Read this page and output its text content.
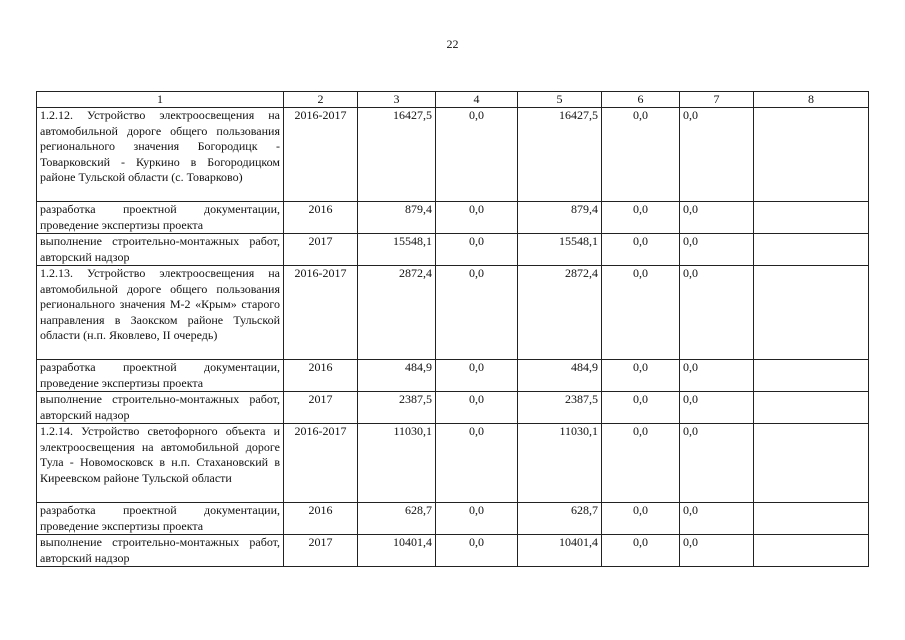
22
1	2	3	4	5	6	7	8
1.2.12. Устройство электроосвещения на автомобильной дороге общего пользования регионального значения Богородицк - Товарковский - Куркино в Богородицком районе Тульской области (с. Товарково)	2016-2017	16427,5	0,0	16427,5	0,0	0,0	
разработка проектной документации, проведение экспертизы проекта	2016	879,4	0,0	879,4	0,0	0,0	
выполнение строительно-монтажных работ, авторский надзор	2017	15548,1	0,0	15548,1	0,0	0,0	
1.2.13. Устройство электроосвещения на автомобильной дороге общего пользования регионального значения М-2 «Крым» старого направления в Заокском районе Тульской области (н.п. Яковлево, II очередь)	2016-2017	2872,4	0,0	2872,4	0,0	0,0	
разработка проектной документации, проведение экспертизы проекта	2016	484,9	0,0	484,9	0,0	0,0	
выполнение строительно-монтажных работ, авторский надзор	2017	2387,5	0,0	2387,5	0,0	0,0	
1.2.14. Устройство светофорного объекта и электроосвещения на автомобильной дороге Тула - Новомосковск в н.п. Стахановский в Киреевском районе Тульской области	2016-2017	11030,1	0,0	11030,1	0,0	0,0	
разработка проектной документации, проведение экспертизы проекта	2016	628,7	0,0	628,7	0,0	0,0	
выполнение строительно-монтажных работ, авторский надзор	2017	10401,4	0,0	10401,4	0,0	0,0	
